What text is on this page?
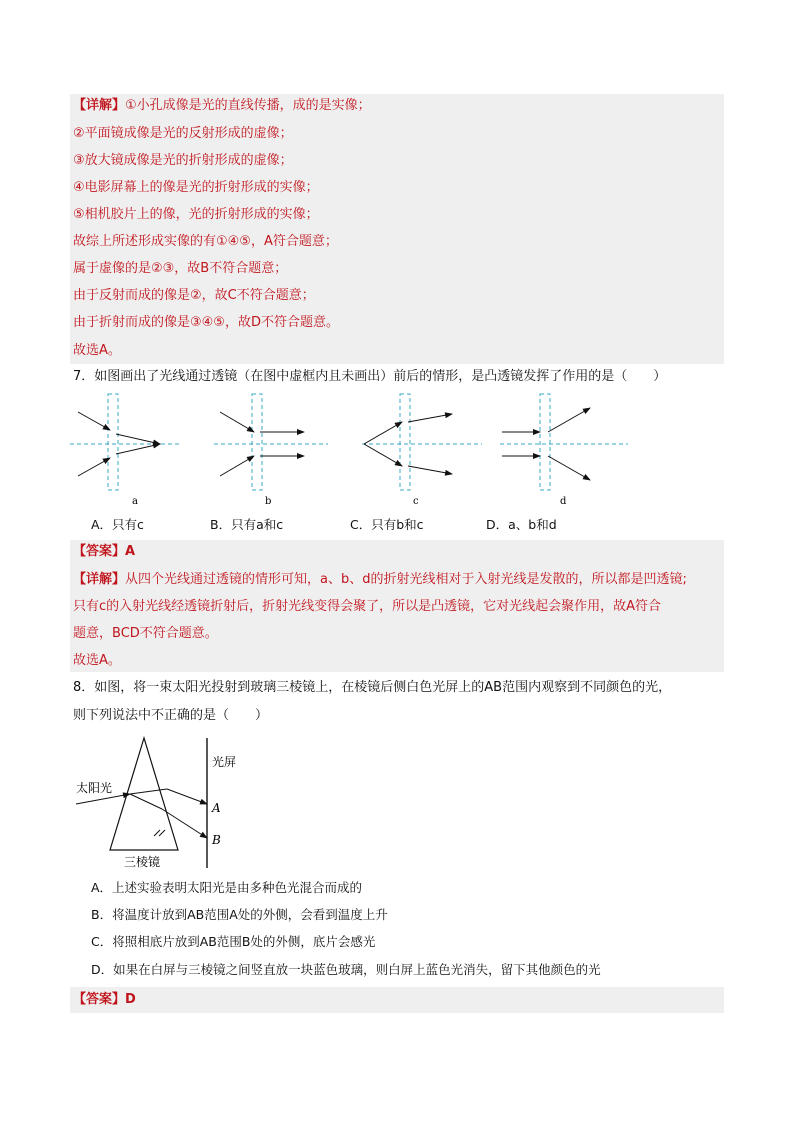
【详解】①小孔成像是光的直线传播，成的是实像；
②平面镜成像是光的反射形成的虚像；
③放大镜成像是光的折射形成的虚像；
④电影屏幕上的像是光的折射形成的实像；
⑤相机胶片上的像，光的折射形成的实像；
故综上所述形成实像的有①④⑤，A符合题意；
属于虚像的是②③，故B不符合题意；
由于反射而成的像是②，故C不符合题意；
由于折射而成的像是③④⑤，故D不符合题意。
故选A。
7．如图画出了光线通过透镜（在图中虚框内且未画出）前后的情形，是凸透镜发挥了作用的是（　　）
a	b	c	d
A．只有c	B．只有a和c	C．只有b和c	D．a、b和d
【答案】A
【详解】从四个光线通过透镜的情形可知，a、b、d的折射光线相对于入射光线是发散的，所以都是凹透镜;
只有c的入射光线经透镜折射后，折射光线变得会聚了，所以是凸透镜，它对光线起会聚作用，故A符合
题意，BCD不符合题意。
故选A。
8．如图，将一束太阳光投射到玻璃三棱镜上，在棱镜后侧白色光屏上的AB范围内观察到不同颜色的光，
则下列说法中不正确的是（　　）
太阳光
光屏
A
B
三棱镜
A．上述实验表明太阳光是由多种色光混合而成的
B．将温度计放到AB范围A处的外侧，会看到温度上升
C．将照相底片放到AB范围B处的外侧，底片会感光
D．如果在白屏与三棱镜之间竖直放一块蓝色玻璃，则白屏上蓝色光消失，留下其他颜色的光
【答案】D
